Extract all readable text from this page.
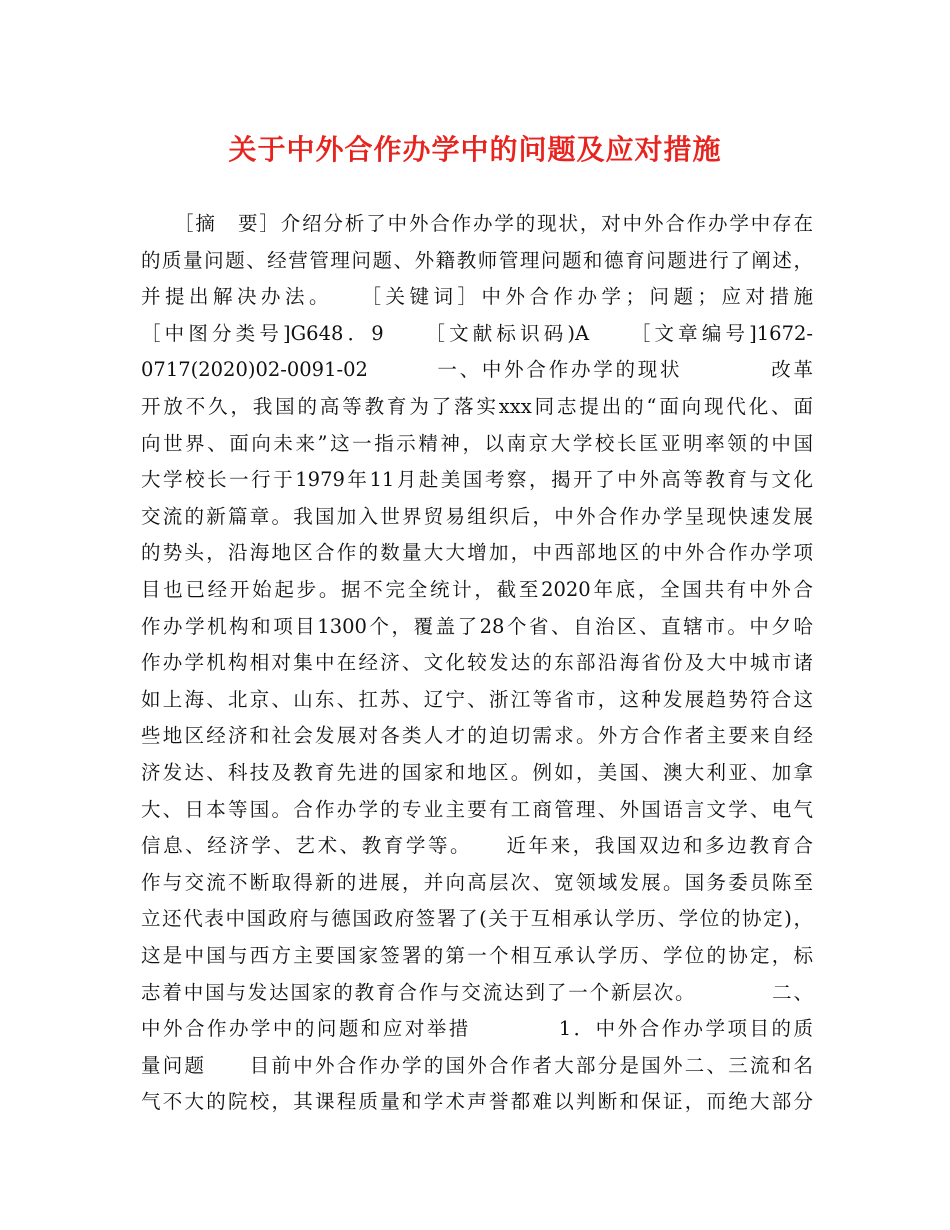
关于中外合作办学中的问题及应对措施
　　［摘　要］介绍分析了中外合作办学的现状，对中外合作办学中存在
的质量问题、经营管理问题、外籍教师管理问题和德育问题进行了阐述，
并提出解决办法。　　［关键词］中外合作办学；问题；应对措施
［中图分类号]G648．9　　［文献标识码)A　　［文章编号]1672-
0717(2020)02-0091-02　　　一、中外合作办学的现状　　　　改革
开放不久，我国的高等教育为了落实xxx同志提出的“面向现代化、面
向世界、面向未来”这一指示精神，以南京大学校长匡亚明率领的中国
大学校长一行于1979年11月赴美国考察，揭开了中外高等教育与文化
交流的新篇章。我国加入世界贸易组织后，中外合作办学呈现快速发展
的势头，沿海地区合作的数量大大增加，中西部地区的中外合作办学项
目也已经开始起步。据不完全统计，截至2020年底，全国共有中外合
作办学机构和项目1300个，覆盖了28个省、自治区、直辖市。中夕哈
作办学机构相对集中在经济、文化较发达的东部沿海省份及大中城市诸
如上海、北京、山东、扛苏、辽宁、浙江等省市，这种发展趋势符合这
些地区经济和社会发展对各类人才的迫切需求。外方合作者主要来自经
济发达、科技及教育先进的国家和地区。例如，美国、澳大利亚、加拿
大、日本等国。合作办学的专业主要有工商管理、外国语言文学、电气
信息、经济学、艺术、教育学等。　　近年来，我国双边和多边教育合
作与交流不断取得新的进展，并向高层次、宽领域发展。国务委员陈至
立还代表中国政府与德国政府签署了(关于互相承认学历、学位的协定)，
这是中国与西方主要国家签署的第一个相互承认学历、学位的协定，标
志着中国与发达国家的教育合作与交流达到了一个新层次。　　　　二、
中外合作办学中的问题和应对举措　　　　1．中外合作办学项目的质
量问题　　目前中外合作办学的国外合作者大部分是国外二、三流和名
气不大的院校，其课程质量和学术声誉都难以判断和保证，而绝大部分
